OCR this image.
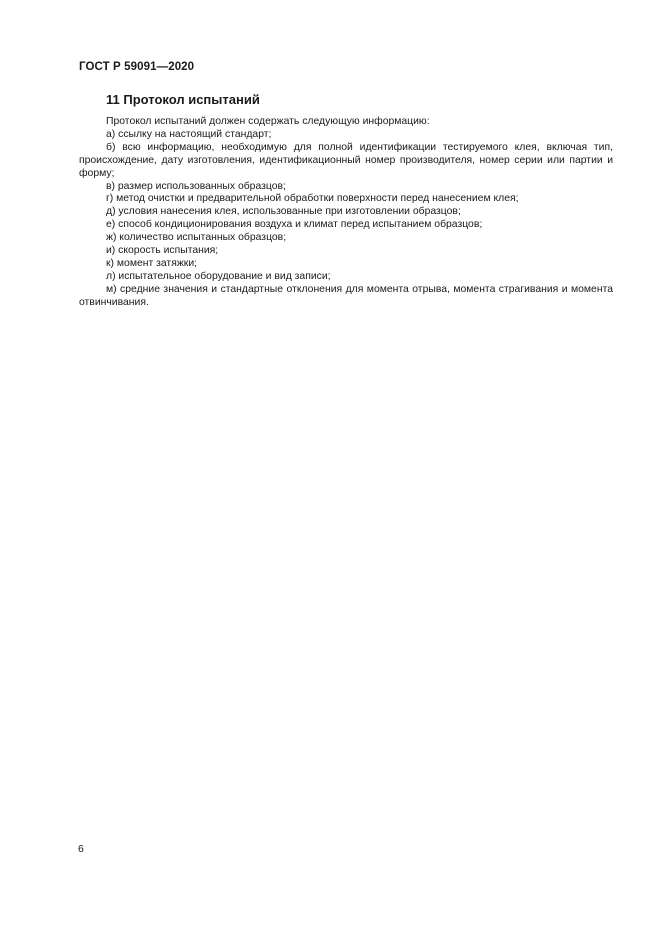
ГОСТ Р 59091—2020
11 Протокол испытаний

Протокол испытаний должен содержать следующую информацию:

а) ссылку на настоящий стандарт;

б) всю информацию, необходимую для полной идентификации тестируемого клея, включая тип, происхождение, дату изготовления, идентификационный номер производителя, номер серии или партии и форму;

в) размер использованных образцов;

г) метод очистки и предварительной обработки поверхности перед нанесением клея;

д) условия нанесения клея, использованные при изготовлении образцов;

е) способ кондиционирования воздуха и климат перед испытанием образцов;

ж) количество испытанных образцов;

и) скорость испытания;

к) момент затяжки;

л) испытательное оборудование и вид записи;

м) средние значения и стандартные отклонения для момента отрыва, момента страгивания и момента отвинчивания.

6
